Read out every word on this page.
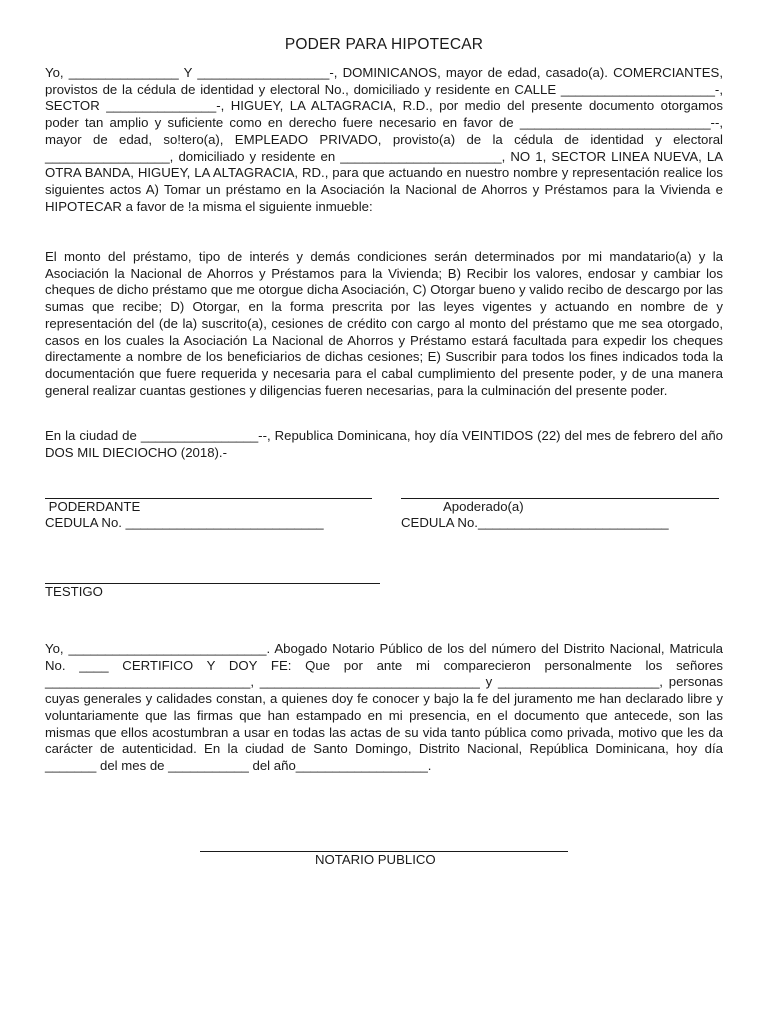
PODER PARA HIPOTECAR
Yo, _______________ Y __________________-, DOMINICANOS, mayor de edad, casado(a). COMERCIANTES, provistos de la cédula de identidad y electoral No., domiciliado y residente en CALLE _____________________-, SECTOR _______________-, HIGUEY, LA ALTAGRACIA, R.D., por medio del presente documento otorgamos poder tan amplio y suficiente como en derecho fuere necesario en favor de __________________________--, mayor de edad, so!tero(a), EMPLEADO PRIVADO, provisto(a) de la cédula de identidad y electoral _________________, domiciliado y residente en ______________________, NO 1, SECTOR LINEA NUEVA, LA OTRA BANDA, HIGUEY, LA ALTAGRACIA, RD., para que actuando en nuestro nombre y representación realice los siguientes actos A) Tomar un préstamo en la Asociación la Nacional de Ahorros y Préstamos para la Vivienda e HIPOTECAR a favor de !a misma el siguiente inmueble:
El monto del préstamo, tipo de interés y demás condiciones serán determinados por mi mandatario(a) y la Asociación la Nacional de Ahorros y Préstamos para la Vivienda; B) Recibir los valores, endosar y cambiar los cheques de dicho préstamo que me otorgue dicha Asociación, C) Otorgar bueno y valido recibo de descargo por las sumas que recibe; D) Otorgar, en la forma prescrita por las leyes vigentes y actuando en nombre de y representación del (de la) suscrito(a), cesiones de crédito con cargo al monto del préstamo que me sea otorgado, casos en los cuales la Asociación La Nacional de Ahorros y Préstamo estará facultada para expedir los cheques directamente a nombre de los beneficiarios de dichas cesiones; E) Suscribir para todos los fines indicados toda la documentación que fuere requerida y necesaria para el cabal cumplimiento del presente poder, y de una manera general realizar cuantas gestiones y diligencias fueren necesarias, para la culminación del presente poder.
En la ciudad de ________________--, Republica Dominicana, hoy día VEINTIDOS (22) del mes de febrero del año DOS MIL DIECIOCHO (2018).-
PODERDANTE
CEDULA No. ___________________________
Apoderado(a)
CEDULA No.__________________________
TESTIGO
Yo, ___________________________. Abogado Notario Público de los del número del Distrito Nacional, Matricula No. ____ CERTIFICO Y DOY FE: Que por ante mi comparecieron personalmente los señores ____________________________, ______________________________ y ______________________, personas cuyas generales y calidades constan, a quienes doy fe conocer y bajo la fe del juramento me han declarado libre y voluntariamente que las firmas que han estampado en mi presencia, en el documento que antecede, son las mismas que ellos acostumbran a usar en todas las actas de su vida tanto pública como privada, motivo que les da carácter de autenticidad. En la ciudad de Santo Domingo, Distrito Nacional, República Dominicana, hoy día _______ del mes de ___________ del año__________________.
NOTARIO PUBLICO
